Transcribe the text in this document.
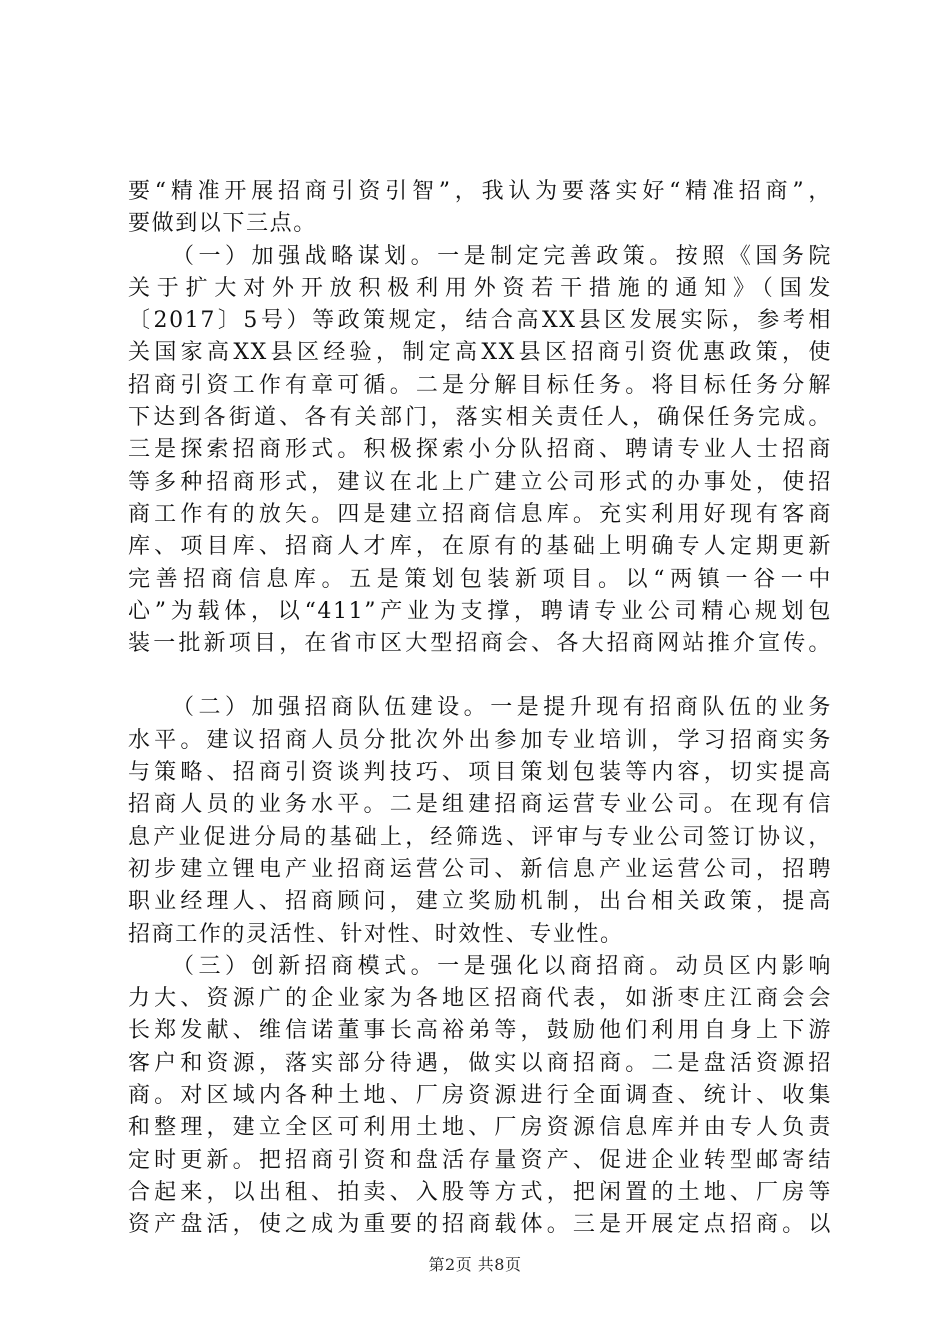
要“精准开展招商引资引智”，我认为要落实好“精准招商”，
要做到以下三点。
（一）加强战略谋划。一是制定完善政策。按照《国务院
关于扩大对外开放积极利用外资若干措施的通知》（国发
〔2017〕5号）等政策规定，结合高XX县区发展实际，参考相
关国家高XX县区经验，制定高XX县区招商引资优惠政策，使
招商引资工作有章可循。二是分解目标任务。将目标任务分解
下达到各街道、各有关部门，落实相关责任人，确保任务完成。
三是探索招商形式。积极探索小分队招商、聘请专业人士招商
等多种招商形式，建议在北上广建立公司形式的办事处，使招
商工作有的放矢。四是建立招商信息库。充实利用好现有客商
库、项目库、招商人才库，在原有的基础上明确专人定期更新
完善招商信息库。五是策划包装新项目。以“两镇一谷一中
心”为载体，以“411”产业为支撑，聘请专业公司精心规划包
装一批新项目，在省市区大型招商会、各大招商网站推介宣传。
（二）加强招商队伍建设。一是提升现有招商队伍的业务
水平。建议招商人员分批次外出参加专业培训，学习招商实务
与策略、招商引资谈判技巧、项目策划包装等内容，切实提高
招商人员的业务水平。二是组建招商运营专业公司。在现有信
息产业促进分局的基础上，经筛选、评审与专业公司签订协议，
初步建立锂电产业招商运营公司、新信息产业运营公司，招聘
职业经理人、招商顾问，建立奖励机制，出台相关政策，提高
招商工作的灵活性、针对性、时效性、专业性。
（三）创新招商模式。一是强化以商招商。动员区内影响
力大、资源广的企业家为各地区招商代表，如浙枣庄江商会会
长郑发献、维信诺董事长高裕弟等，鼓励他们利用自身上下游
客户和资源，落实部分待遇，做实以商招商。二是盘活资源招
商。对区域内各种土地、厂房资源进行全面调查、统计、收集
和整理，建立全区可利用土地、厂房资源信息库并由专人负责
定时更新。把招商引资和盘活存量资产、促进企业转型邮寄结
合起来，以出租、拍卖、入股等方式，把闲置的土地、厂房等
资产盘活，使之成为重要的招商载体。三是开展定点招商。以
第2页 共8页
